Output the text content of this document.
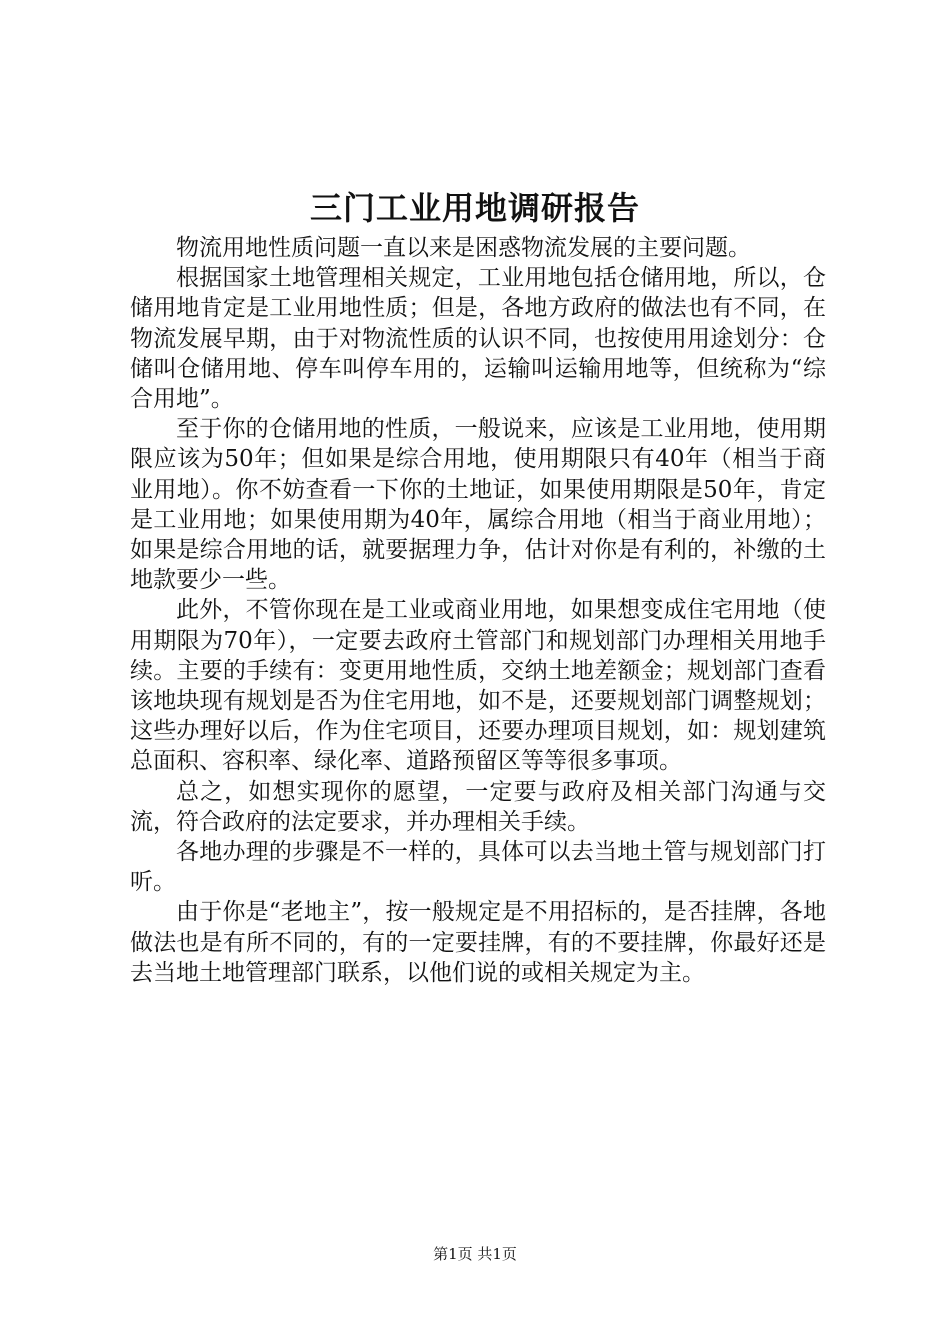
三门工业用地调研报告

物流用地性质问题一直以来是困惑物流发展的主要问题。

根据国家土地管理相关规定，工业用地包括仓储用地，所以，仓储用地肯定是工业用地性质；但是，各地方政府的做法也有不同，在物流发展早期，由于对物流性质的认识不同，也按使用用途划分：仓储叫仓储用地、停车叫停车用的，运输叫运输用地等，但统称为“综合用地”。

至于你的仓储用地的性质，一般说来，应该是工业用地，使用期限应该为50年；但如果是综合用地，使用期限只有40年（相当于商业用地）。你不妨查看一下你的土地证，如果使用期限是50年，肯定是工业用地；如果使用期为40年，属综合用地（相当于商业用地）；如果是综合用地的话，就要据理力争，估计对你是有利的，补缴的土地款要少一些。

此外，不管你现在是工业或商业用地，如果想变成住宅用地（使用期限为70年），一定要去政府土管部门和规划部门办理相关用地手续。主要的手续有：变更用地性质，交纳土地差额金；规划部门查看该地块现有规划是否为住宅用地，如不是，还要规划部门调整规划；这些办理好以后，作为住宅项目，还要办理项目规划，如：规划建筑总面积、容积率、绿化率、道路预留区等等很多事项。

总之，如想实现你的愿望，一定要与政府及相关部门沟通与交流，符合政府的法定要求，并办理相关手续。

各地办理的步骤是不一样的，具体可以去当地土管与规划部门打听。

由于你是“老地主”，按一般规定是不用招标的，是否挂牌，各地做法也是有所不同的，有的一定要挂牌，有的不要挂牌，你最好还是去当地土地管理部门联系，以他们说的或相关规定为主。

第1页 共1页
